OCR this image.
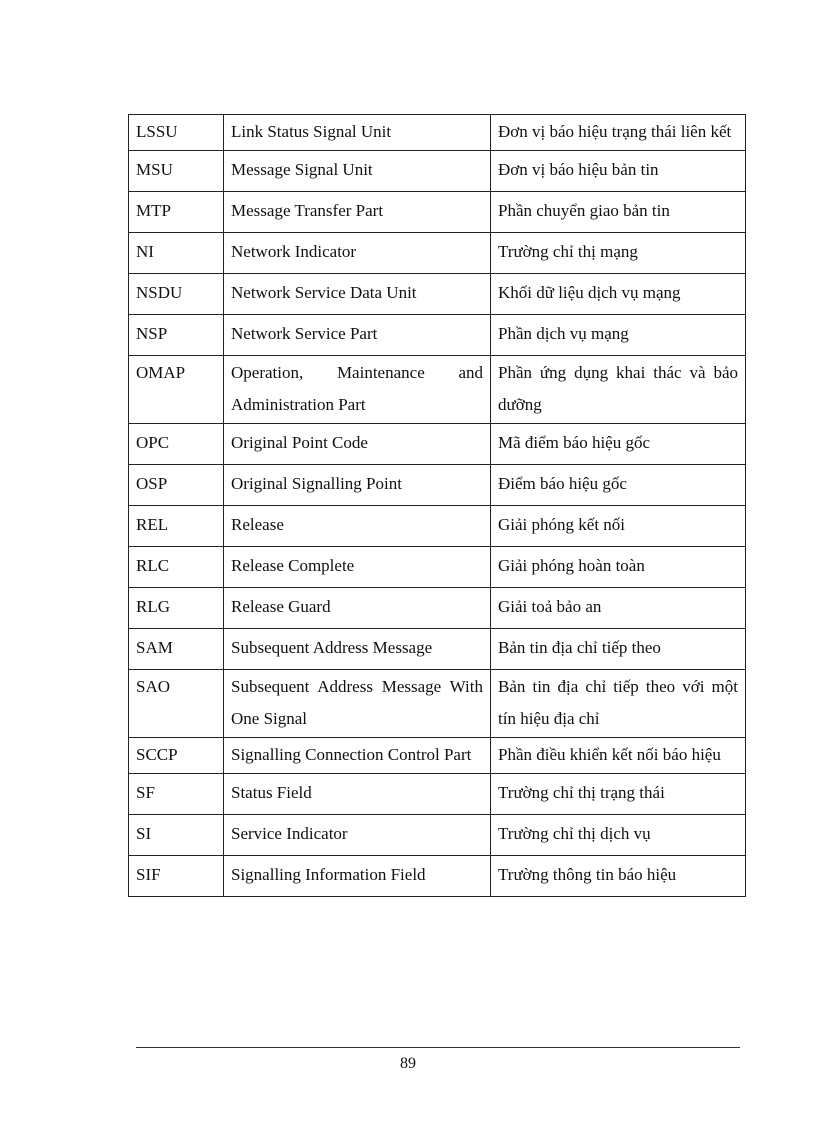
LSSU	Link Status Signal Unit	Đơn vị báo hiệu trạng thái liên kết
MSU	Message Signal Unit	Đơn vị báo hiệu bản tin
MTP	Message Transfer Part	Phần chuyển giao bản tin
NI	Network Indicator	Trường chỉ thị mạng
NSDU	Network Service Data Unit	Khối dữ liệu dịch vụ mạng
NSP	Network Service Part	Phần dịch vụ mạng
OMAP	Operation, Maintenance and Administration Part	Phần ứng dụng khai thác và bảo dưỡng
OPC	Original Point Code	Mã điểm báo hiệu gốc
OSP	Original Signalling Point	Điểm báo hiệu gốc
REL	Release	Giải phóng kết nối
RLC	Release Complete	Giải phóng hoàn toàn
RLG	Release Guard	Giải toả bảo an
SAM	Subsequent Address Message	Bản tin địa chỉ tiếp theo
SAO	Subsequent Address Message With One Signal	Bản tin địa chỉ tiếp theo với một tín hiệu địa chỉ
SCCP	Signalling Connection Control Part	Phần điều khiển kết nối báo hiệu
SF	Status Field	Trường chỉ thị trạng thái
SI	Service Indicator	Trường chỉ thị dịch vụ
SIF	Signalling Information Field	Trường thông tin báo hiệu
89
